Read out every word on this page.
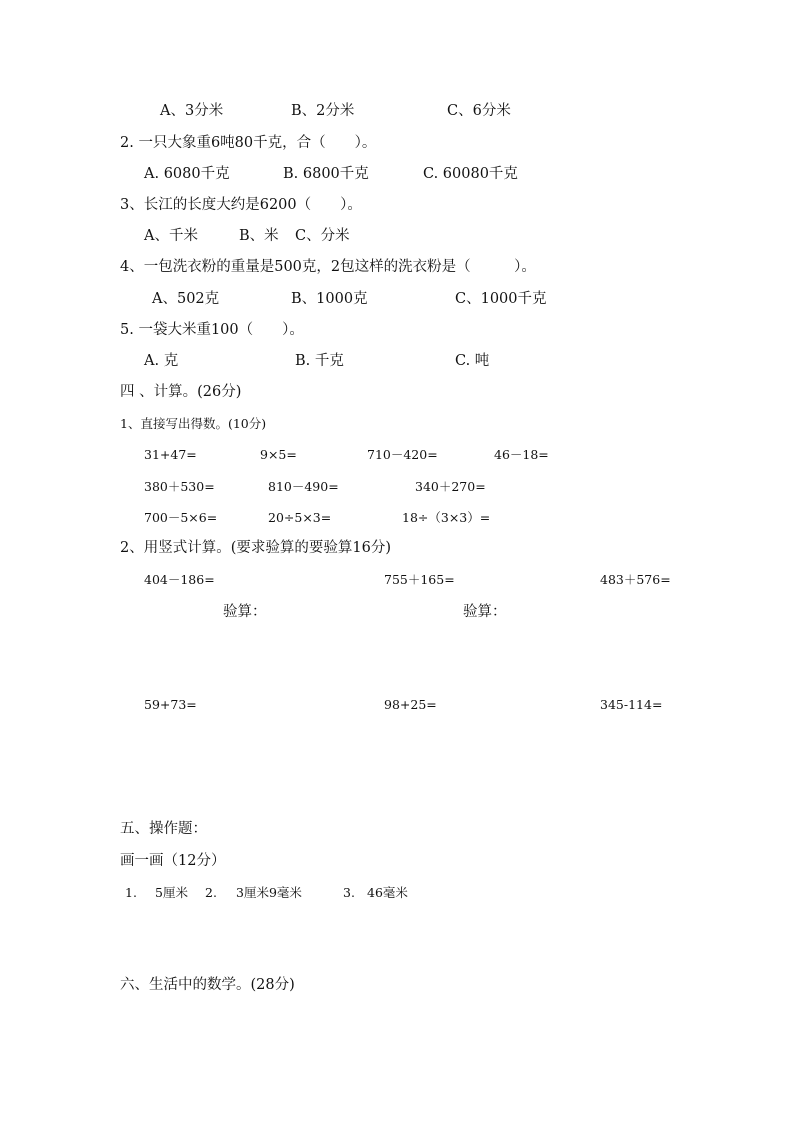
A、3分米	B、2分米	C、6分米
2. 一只大象重6吨80千克，合（　　）。
A. 6080千克	B. 6800千克	C. 60080千克
3、长江的长度大约是6200（　　）。
A、千米	B、米 C、分米
4、一包洗衣粉的重量是500克，2包这样的洗衣粉是（　　　）。
A、502克	B、1000克	C、1000千克
5. 一袋大米重100（　　）。
A. 克	B. 千克	C. 吨
四 、计算。(26分)
1、直接写出得数。(10分)
31+47=	9×5=	710－420=	46－18=
380＋530=	810－490=	340＋270=
700－5×6=	20÷5×3=	18÷（3×3）=
2、用竖式计算。(要求验算的要验算16分)
404－186=	755＋165=	483＋576=
验算：	验算：
59+73=	98+25=	345-114=
五、操作题：
画一画（12分）
1. 5厘米 2. 3厘米9毫米	3. 46毫米
六、生活中的数学。(28分)
